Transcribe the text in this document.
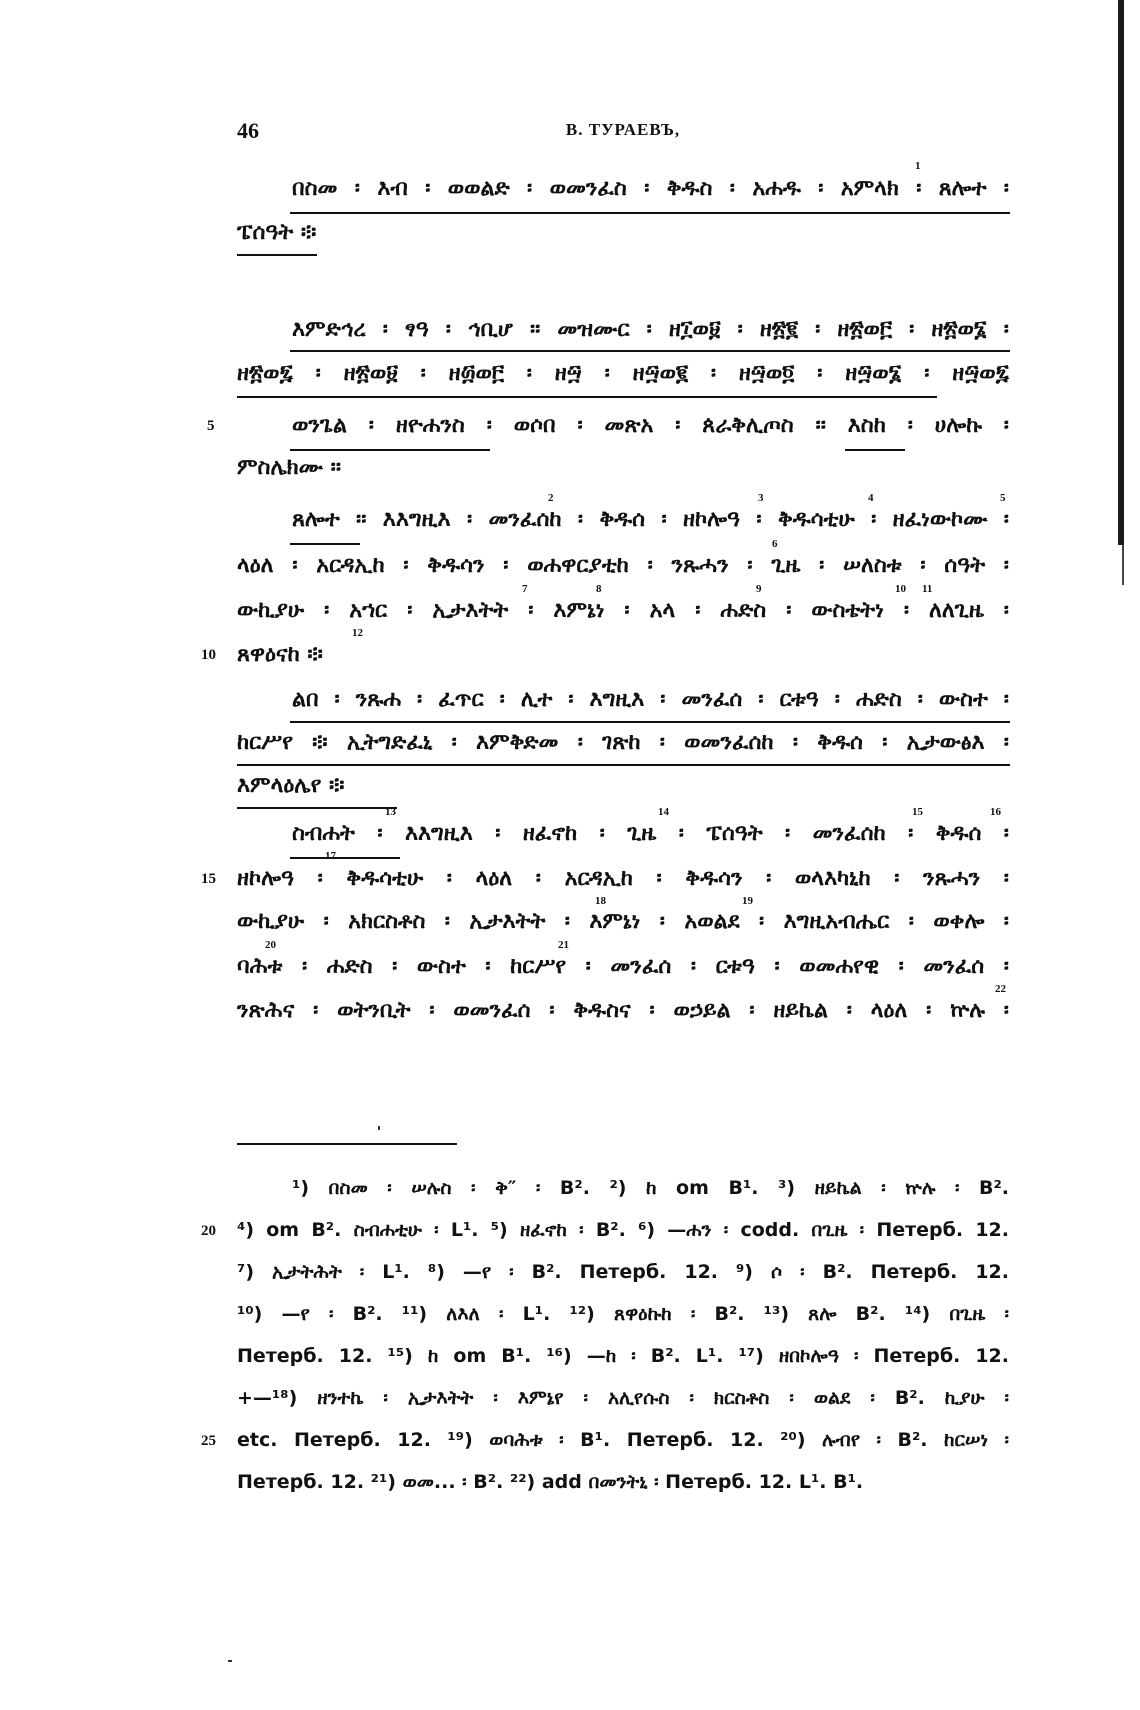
46	В. ТУРАЕВЪ,
በስመ ፡ እብ ፡ ወወልድ ፡ ወመንፈስ ፡ ቅዱስ ፡ አሐዱ ፡ አምላክ ፡ ጸሎተ ፡
ፔሰዓት ፨
እምድኅረ ፡ ፃዓ ፡ ኅቢሆ ፡፡ መዝሙር ፡ ዘ፲ወ፱ ፡ ዘ፳፪ ፡ ዘ፳ወ፫ ፡ ዘ፳ወ፮ ፡
ዘ፳ወ፯ ፡ ዘ፳ወ፱ ፡ ዘ፴ወ፫ ፡ ዘ፵ ፡ ዘ፵ወ፪ ፡ ዘ፵ወ፬ ፡ ዘ፵ወ፮ ፡ ዘ፵ወ፯
ወንጌል ፡ ዘዮሐንስ ፡ ወሶበ ፡ መጽአ ፡ ጰራቅሊጦስ ፡፡ እስከ ፡ ሀሎኩ ፡
ምስሌክሙ ፡፡
ጸሎተ ፡፡ እእግዚእ ፡ መንፈሰከ ፡ ቅዱሰ ፡ ዘኮሎዓ ፡ ቅዱሳቲሁ ፡ ዘፈነውኮሙ ፡
ላዕለ ፡ አርዳኢከ ፡ ቅዱሳን ፡ ወሐዋርያቲከ ፡ ንጹሓን ፡ ጊዜ ፡ ሠለስቱ ፡ ሰዓት ፡
ውኪያሁ ፡ አኀር ፡ ኢታእትት ፡ እምኔነ ፡ አላ ፡ ሐድስ ፡ ውስቴትነ ፡ ለለጊዜ ፡
ጸዋዕናከ ፨
ልበ ፡ ንጹሐ ፡ ፈጥር ፡ ሊተ ፡ እግዚእ ፡ መንፈሰ ፡ ርቱዓ ፡ ሐድስ ፡ ውስተ ፡
ከርሥየ ፨ ኢትግድፈኒ ፡ እምቅድመ ፡ ገጽከ ፡ ወመንፈሰከ ፡ ቅዱሰ ፡ ኢታውፅእ ፡
እምላዕሌየ ፨
ስብሐት ፡ እእግዚእ ፡ ዘፈኖከ ፡ ጊዜ ፡ ፔሰዓት ፡ መንፈሰከ ፡ ቅዱሰ ፡
ዘኮሎዓ ፡ ቅዱሳቲሁ ፡ ላዕለ ፡ አርዳኢከ ፡ ቅዱሳን ፡ ወላእካኒከ ፡ ንጹሓን ፡
ውኪያሁ ፡ አክርስቶስ ፡ ኢታእትት ፡ እምኔነ ፡ አወልደ ፡ እግዚአብሔር ፡ ወቀሎ ፡
ባሕቱ ፡ ሐድስ ፡ ውስተ ፡ ከርሥየ ፡ መንፈሰ ፡ ርቱዓ ፡ ወመሐየዊ ፡ መንፈሰ ፡
ንጽሕና ፡ ወትንቢት ፡ ወመንፈሰ ፡ ቅዱስና ፡ ወኃይል ፡ ዘይኬል ፡ ላዕለ ፡ ኵሉ ፡
5
10
15
1
2	3	4	5
6
7	8	9	10 11
12
13	14	15	16
17
18	19
20	21
22
¹) በስመ ፡ ሠሉስ ፡ ቅ″ ፡ B². ²) ከ om B¹. ³) ዘይኬል ፡ ኵሉ ፡ B².
⁴) om B². ስብሐቲሁ ፡ L¹. ⁵) ዘፈኖከ ፡ B². ⁶) —ሐን ፡ codd. በጊዜ ፡ Петерб. 12.
⁷) ኢታትሕት ፡ L¹. ⁸) —የ ፡ B². Петерб. 12. ⁹) ሶ ፡ B². Петерб. 12.
¹⁰) —የ ፡ B². ¹¹) ለእለ ፡ L¹. ¹²) ጸዋዕኩከ ፡ B². ¹³) ጸሎ B². ¹⁴) በጊዜ ፡
Петерб. 12. ¹⁵) ከ om B¹. ¹⁶) —ከ ፡ B². L¹. ¹⁷) ዘበኮሎዓ ፡ Петерб. 12.
+—¹⁸) ዘንተኬ ፡ ኢታእትት ፡ እምኔየ ፡ አሊየሱስ ፡ ክርስቶስ ፡ ወልደ ፡ B². ኪያሁ ፡
etc. Петерб. 12. ¹⁹) ወባሕቱ ፡ B¹. Петерб. 12. ²⁰) ሉብየ ፡ B². ከርሠነ ፡
Петерб. 12. ²¹) ወመ... ፡ B². ²²) add በመንትኒ ፡ Петерб. 12. L¹. B¹.
20
25
